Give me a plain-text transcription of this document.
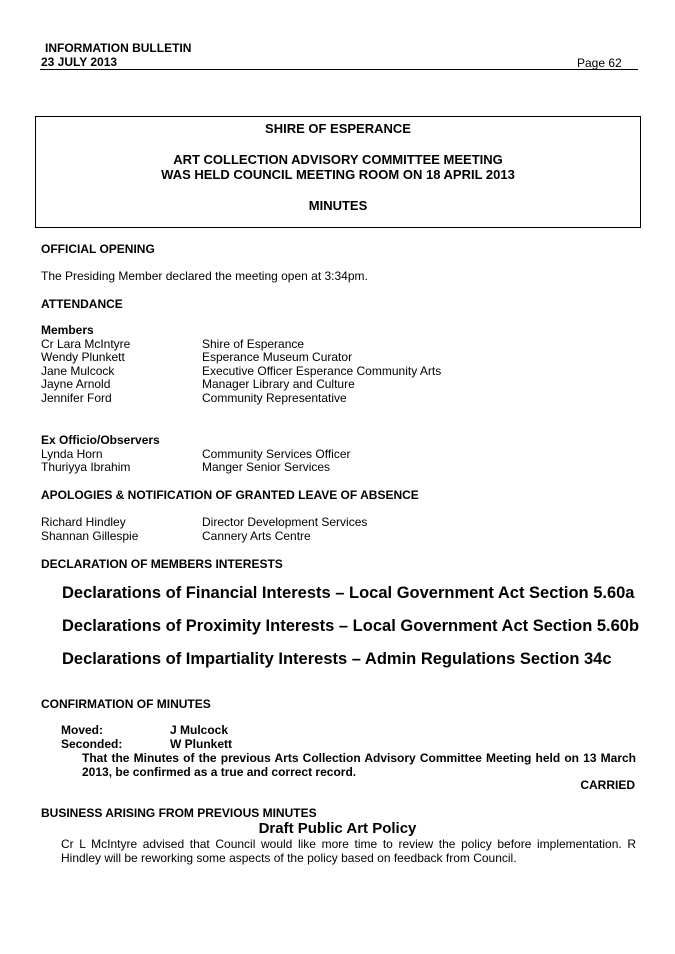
INFORMATION BULLETIN
23 JULY 2013	Page 62
SHIRE OF ESPERANCE
ART COLLECTION ADVISORY COMMITTEE MEETING
WAS HELD COUNCIL MEETING ROOM ON 18 APRIL 2013
MINUTES
OFFICIAL OPENING
The Presiding Member declared the meeting open at 3:34pm.
ATTENDANCE
Members
Cr Lara McIntyre	Shire of Esperance
Wendy Plunkett	Esperance Museum Curator
Jane Mulcock	Executive Officer Esperance Community Arts
Jayne Arnold	Manager Library and Culture
Jennifer Ford	Community Representative
Ex Officio/Observers
Lynda Horn	Community Services Officer
Thuriyya Ibrahim	Manger Senior Services
APOLOGIES & NOTIFICATION OF GRANTED LEAVE OF ABSENCE
Richard Hindley	Director Development Services
Shannan Gillespie	Cannery Arts Centre
DECLARATION OF MEMBERS INTERESTS
Declarations of Financial Interests – Local Government Act Section 5.60a
Declarations of Proximity Interests – Local Government Act Section 5.60b
Declarations of Impartiality Interests – Admin Regulations Section 34c
CONFIRMATION OF MINUTES
Moved:	J Mulcock
Seconded:	W Plunkett
That the Minutes of the previous Arts Collection Advisory Committee Meeting held on 13 March 2013, be confirmed as a true and correct record.
CARRIED
BUSINESS ARISING FROM PREVIOUS MINUTES
Draft Public Art Policy
Cr L McIntyre advised that Council would like more time to review the policy before implementation. R Hindley will be reworking some aspects of the policy based on feedback from Council.
